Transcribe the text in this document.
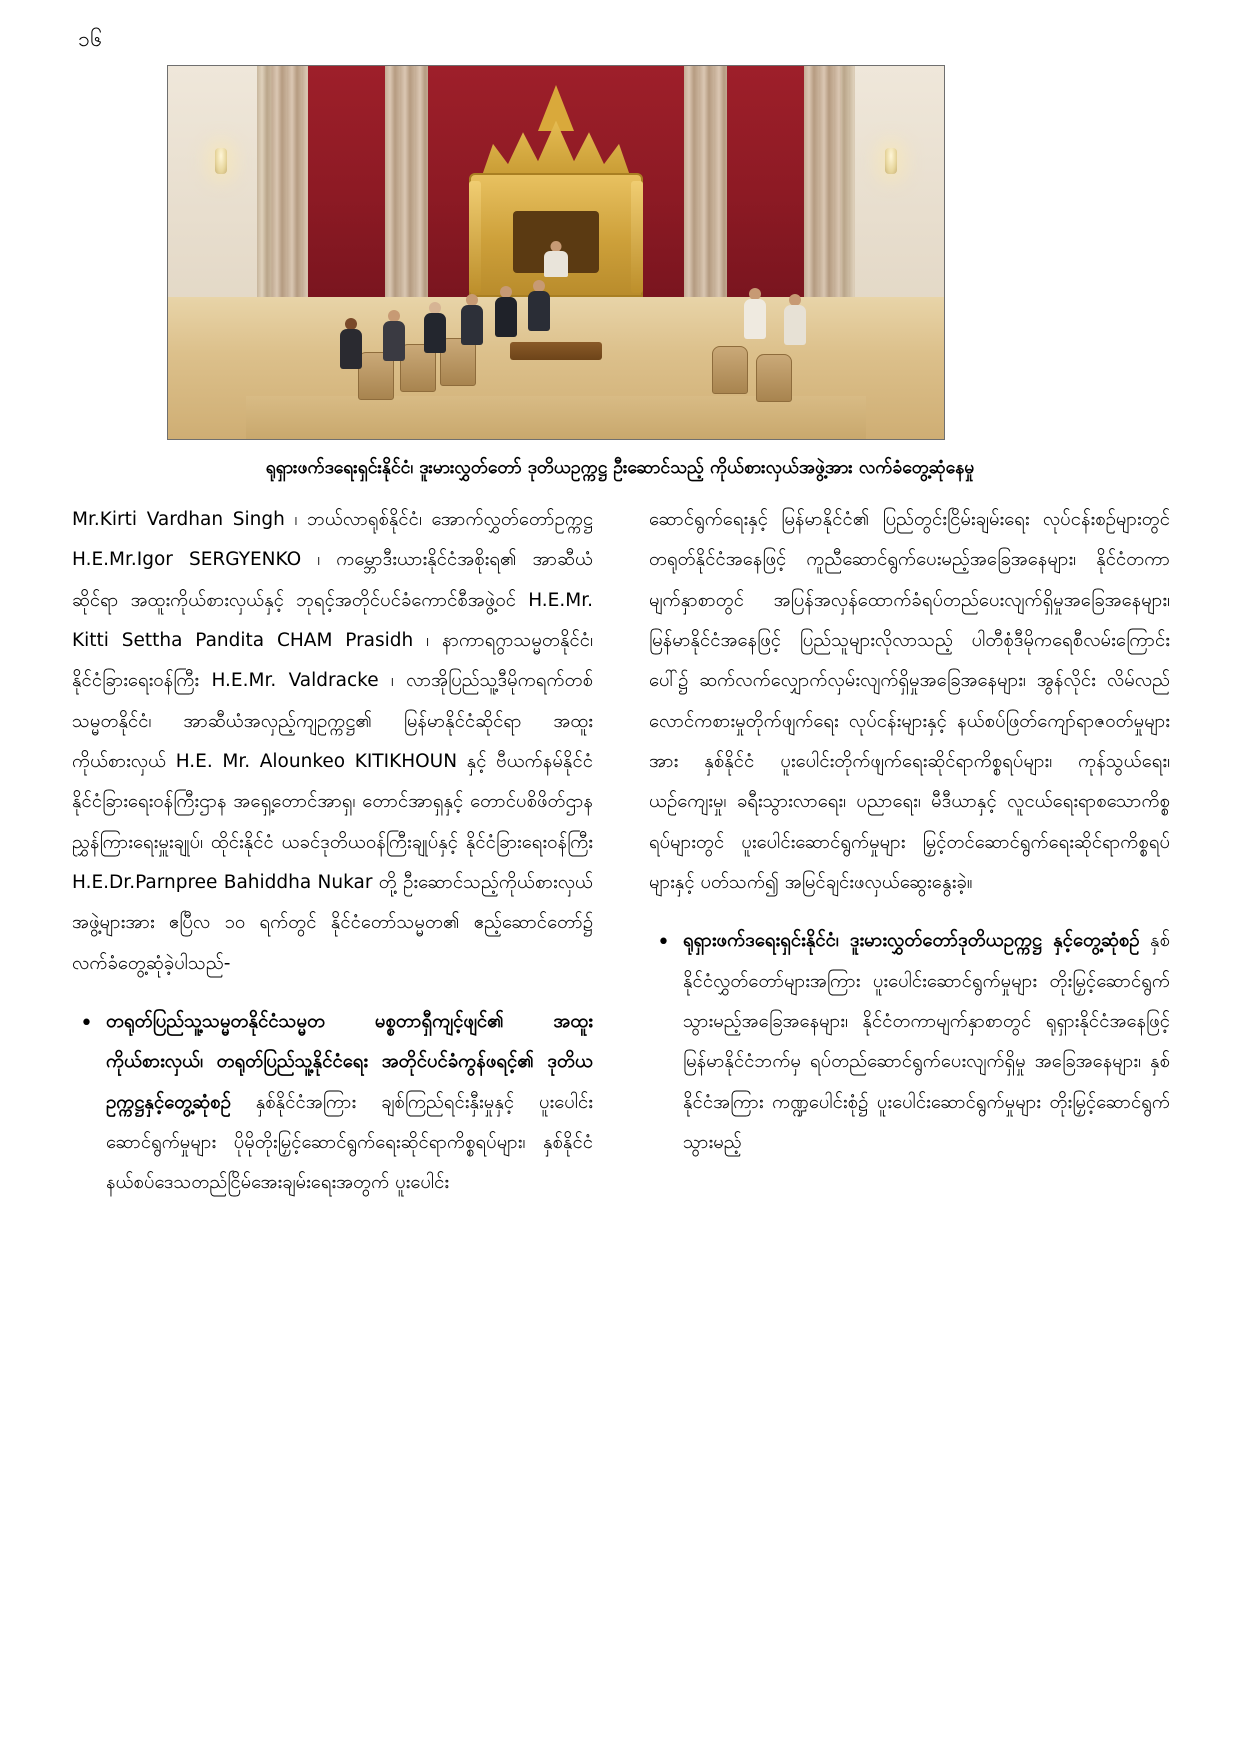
၁၆
ရုရှားဖက်ဒရေးရှင်းနိုင်ငံ၊ ဒူးမားလွှတ်တော် ဒုတိယဥက္ကဋ္ဌ ဦးဆောင်သည့် ကိုယ်စားလှယ်အဖွဲ့အား လက်ခံတွေ့ဆုံနေမှု

Mr.Kirti Vardhan Singh ၊ ဘယ်လာရုစ်နိုင်ငံ၊ အောက်လွှတ်တော်ဥက္ကဋ္ဌ H.E.Mr.Igor SERGYENKO ၊ ကမ္ဘောဒီးယားနိုင်ငံအစိုးရ၏ အာဆီယံဆိုင်ရာ အထူးကိုယ်စားလှယ်နှင့် ဘုရင့်အတိုင်ပင်ခံကောင်စီအဖွဲ့ဝင် H.E.Mr. Kitti Settha Pandita CHAM Prasidh ၊ နာကာရဂွာသမ္မတနိုင်ငံ၊ နိုင်ငံခြားရေးဝန်ကြီး H.E.Mr. Valdracke ၊ လာအိုပြည်သူ့ဒီမိုကရက်တစ်သမ္မတနိုင်ငံ၊ အာဆီယံအလှည့်ကျဥက္ကဋ္ဌ၏ မြန်မာနိုင်ငံဆိုင်ရာ အထူးကိုယ်စားလှယ် H.E. Mr. Alounkeo KITIKHOUN နှင့် ဗီယက်နမ်နိုင်ငံ နိုင်ငံခြားရေးဝန်ကြီးဌာန အရှေ့တောင်အာရှ၊ တောင်အာရှနှင့် တောင်ပစိဖိတ်ဌာန ညွှန်ကြားရေးမှူးချုပ်၊ ထိုင်းနိုင်ငံ ယခင်ဒုတိယဝန်ကြီးချုပ်နှင့် နိုင်ငံခြားရေးဝန်ကြီး H.E.Dr.Parnpree Bahiddha Nukar တို့ ဦးဆောင်သည့်ကိုယ်စားလှယ်အဖွဲ့များအား ဧပြီလ ၁၀ ရက်တွင် နိုင်ငံတော်သမ္မတ၏ ဧည့်ဆောင်တော်၌ လက်ခံတွေ့ဆုံခဲ့ပါသည်-

• တရုတ်ပြည်သူ့သမ္မတနိုင်ငံသမ္မတ မစ္စတာရှီကျင့်ဖျင်၏ အထူးကိုယ်စားလှယ်၊ တရုတ်ပြည်သူ့နိုင်ငံရေး အတိုင်ပင်ခံကွန်ဖရင့်၏ ဒုတိယဥက္ကဋ္ဌနှင့်တွေ့ဆုံစဉ် နှစ်နိုင်ငံအကြား ချစ်ကြည်ရင်းနှီးမှုနှင့် ပူးပေါင်းဆောင်ရွက်မှုများ ပိုမိုတိုးမြှင့်ဆောင်ရွက်ရေးဆိုင်ရာကိစ္စရပ်များ၊ နှစ်နိုင်ငံ နယ်စပ်ဒေသတည်ငြိမ်အေးချမ်းရေးအတွက် ပူးပေါင်း

ဆောင်ရွက်ရေးနှင့် မြန်မာနိုင်ငံ၏ ပြည်တွင်းငြိမ်းချမ်းရေး လုပ်ငန်းစဉ်များတွင် တရုတ်နိုင်ငံအနေဖြင့် ကူညီဆောင်ရွက်ပေးမည့်အခြေအနေများ၊ နိုင်ငံတကာမျက်နှာစာတွင် အပြန်အလှန်ထောက်ခံရပ်တည်ပေးလျက်ရှိမှုအခြေအနေများ၊ မြန်မာနိုင်ငံအနေဖြင့် ပြည်သူများလိုလာသည့် ပါတီစုံဒီမိုကရေစီလမ်းကြောင်းပေါ်၌ ဆက်လက်လျှောက်လှမ်းလျက်ရှိမှုအခြေအနေများ၊ အွန်လိုင်း လိမ်လည်လောင်ကစားမှုတိုက်ဖျက်ရေး လုပ်ငန်းများနှင့် နယ်စပ်ဖြတ်ကျော်ရာဇဝတ်မှုများအား နှစ်နိုင်ငံ ပူးပေါင်းတိုက်ဖျက်ရေးဆိုင်ရာကိစ္စရပ်များ၊ ကုန်သွယ်ရေး၊ ယဉ်ကျေးမှု၊ ခရီးသွားလာရေး၊ ပညာရေး၊ မီဒီယာနှင့် လူငယ်ရေးရာစသောကိစ္စရပ်များတွင် ပူးပေါင်းဆောင်ရွက်မှုများ မြှင့်တင်ဆောင်ရွက်ရေးဆိုင်ရာကိစ္စရပ်များနှင့် ပတ်သက်၍ အမြင်ချင်းဖလှယ်ဆွေးနွေးခဲ့။

• ရုရှားဖက်ဒရေးရှင်းနိုင်ငံ၊ ဒူးမားလွှတ်တော်ဒုတိယဥက္ကဋ္ဌ နှင့်တွေ့ဆုံစဉ် နှစ်နိုင်ငံလွှတ်တော်များအကြား ပူးပေါင်းဆောင်ရွက်မှုများ တိုးမြှင့်ဆောင်ရွက်သွားမည့်အခြေအနေများ၊ နိုင်ငံတကာမျက်နှာစာတွင် ရုရှားနိုင်ငံအနေဖြင့် မြန်မာနိုင်ငံဘက်မှ ရပ်တည်ဆောင်ရွက်ပေးလျက်ရှိမှု အခြေအနေများ၊ နှစ်နိုင်ငံအကြား ကဏ္ဍပေါင်းစုံ၌ ပူးပေါင်းဆောင်ရွက်မှုများ တိုးမြှင့်ဆောင်ရွက်သွားမည့်
